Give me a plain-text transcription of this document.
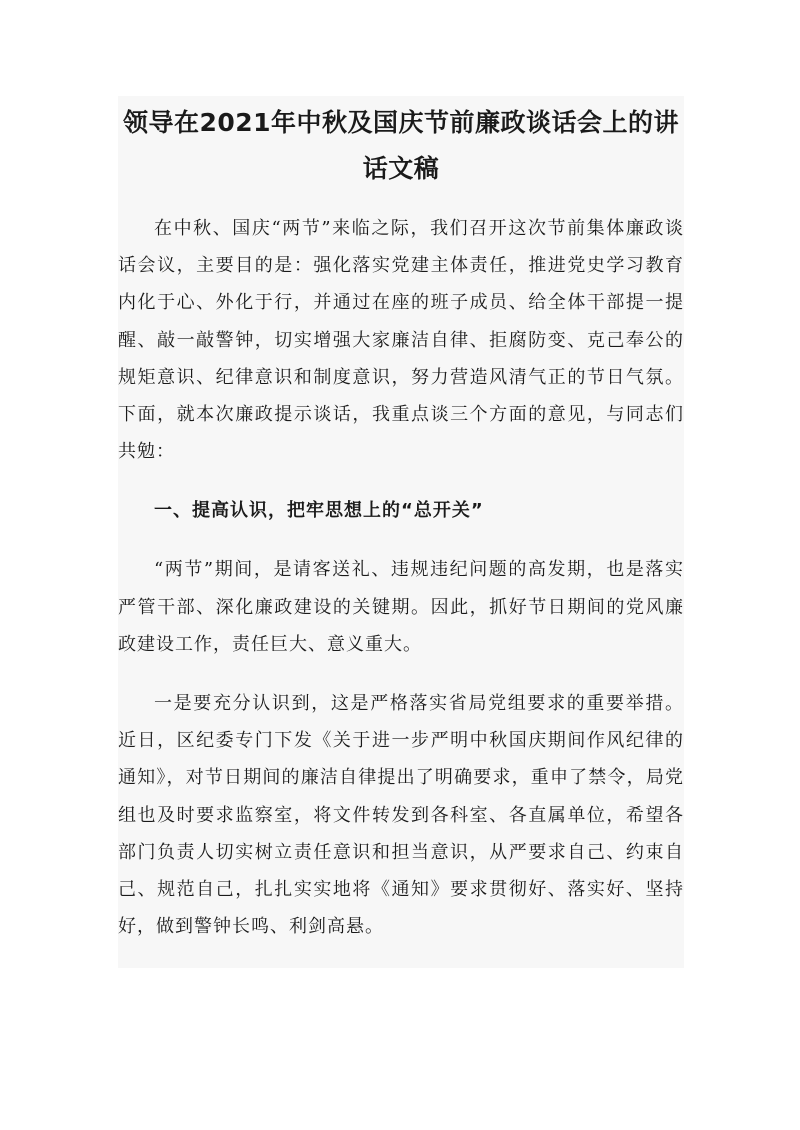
领导在2021年中秋及国庆节前廉政谈话会上的讲话文稿

在中秋、国庆“两节”来临之际，我们召开这次节前集体廉政谈话会议，主要目的是：强化落实党建主体责任，推进党史学习教育内化于心、外化于行，并通过在座的班子成员、给全体干部提一提醒、敲一敲警钟，切实增强大家廉洁自律、拒腐防变、克己奉公的规矩意识、纪律意识和制度意识，努力营造风清气正的节日气氛。下面，就本次廉政提示谈话，我重点谈三个方面的意见，与同志们共勉：

一、提高认识，把牢思想上的“总开关”

“两节”期间，是请客送礼、违规违纪问题的高发期，也是落实严管干部、深化廉政建设的关键期。因此，抓好节日期间的党风廉政建设工作，责任巨大、意义重大。

一是要充分认识到，这是严格落实省局党组要求的重要举措。近日，区纪委专门下发《关于进一步严明中秋国庆期间作风纪律的通知》，对节日期间的廉洁自律提出了明确要求，重申了禁令，局党组也及时要求监察室，将文件转发到各科室、各直属单位，希望各部门负责人切实树立责任意识和担当意识，从严要求自己、约束自己、规范自己，扎扎实实地将《通知》要求贯彻好、落实好、坚持好，做到警钟长鸣、利剑高悬。
